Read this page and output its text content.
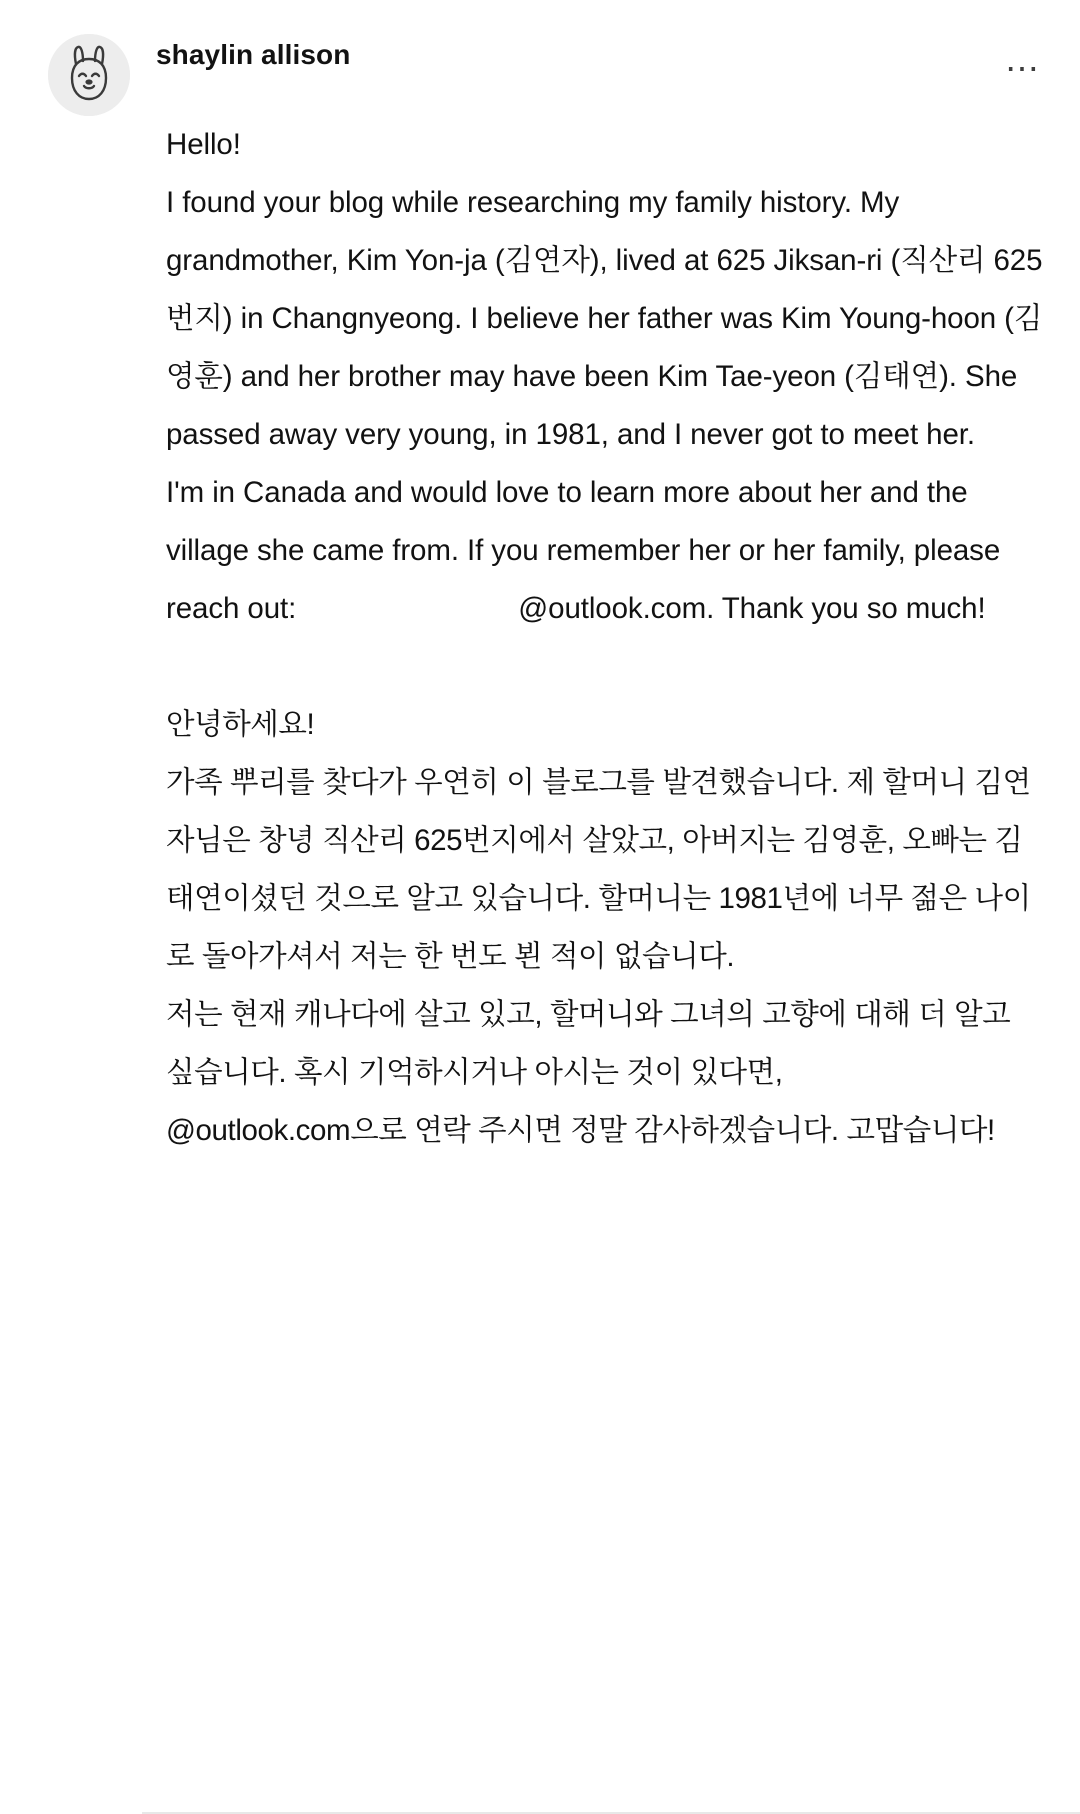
shaylin allison	⋯
Hello!
I found your blog while researching my family history. My grandmother, Kim Yon-ja (김연자), lived at 625 Jiksan-ri (직산리 625번지) in Changnyeong. I believe her father was Kim Young-hoon (김영훈) and her brother may have been Kim Tae-yeon (김태연). She passed away very young, in 1981, and I never got to meet her.
I'm in Canada and would love to learn more about her and the village she came from. If you remember her or her family, please reach out:	@outlook.com. Thank you so much!
안녕하세요!
가족 뿌리를 찾다가 우연히 이 블로그를 발견했습니다. 제 할머니 김연자님은 창녕 직산리 625번지에서 살았고, 아버지는 김영훈, 오빠는 김태연이셨던 것으로 알고 있습니다. 할머니는 1981년에 너무 젊은 나이로 돌아가셔서 저는 한 번도 뵌 적이 없습니다.
저는 현재 캐나다에 살고 있고, 할머니와 그녀의 고향에 대해 더 알고 싶습니다. 혹시 기억하시거나 아시는 것이 있다면, @outlook.com으로 연락 주시면 정말 감사하겠습니다. 고맙습니다!
